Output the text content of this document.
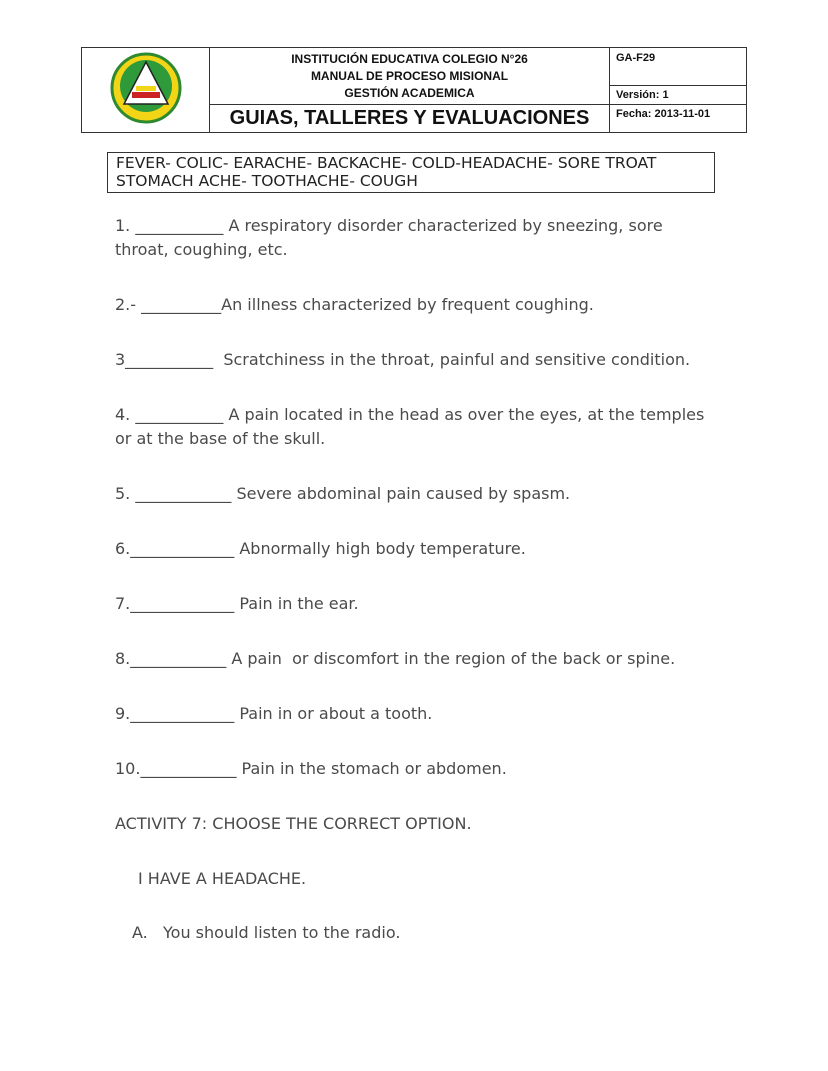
INSTITUCIÓN EDUCATIVA COLEGIO N°26
MANUAL DE PROCESO MISIONAL
GESTIÓN ACADEMICA
GUIAS, TALLERES Y EVALUACIONES
GA-F29
Versión: 1
Fecha: 2013-11-01
FEVER- COLIC- EARACHE- BACKACHE- COLD-HEADACHE- SORE TROAT
STOMACH ACHE- TOOTHACHE- COUGH
1. ___________ A respiratory disorder characterized by sneezing, sore
throat, coughing, etc.
2.- __________An illness characterized by frequent coughing.
3___________  Scratchiness in the throat, painful and sensitive condition.
4. ___________ A pain located in the head as over the eyes, at the temples
or at the base of the skull.
5. ____________ Severe abdominal pain caused by spasm.
6._____________ Abnormally high body temperature.
7._____________ Pain in the ear.
8.____________ A pain  or discomfort in the region of the back or spine.
9._____________ Pain in or about a tooth.
10.____________ Pain in the stomach or abdomen.
ACTIVITY 7: CHOOSE THE CORRECT OPTION.
I HAVE A HEADACHE.
A.   You should listen to the radio.
